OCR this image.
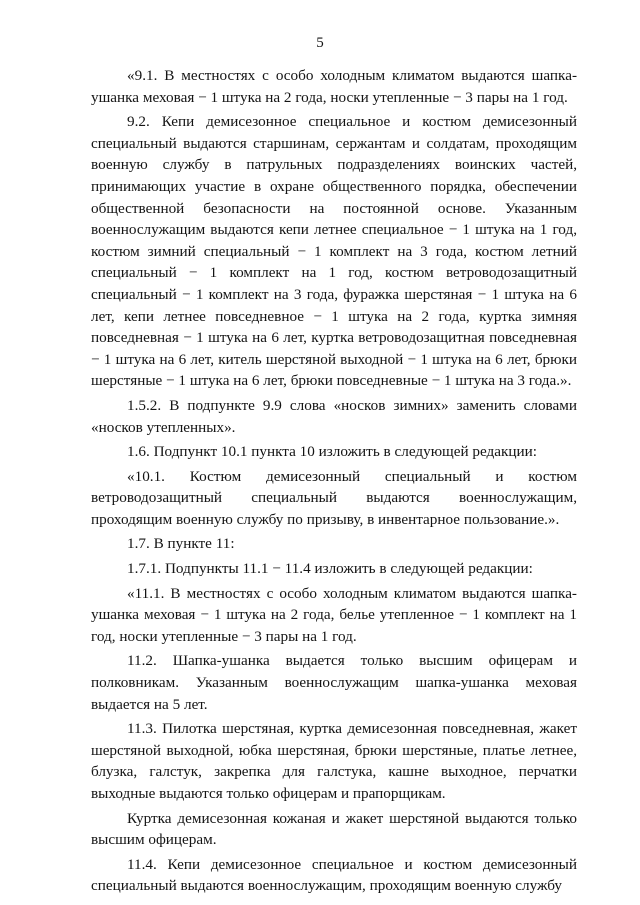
5

«9.1. В местностях с особо холодным климатом выдаются шапка-ушанка меховая − 1 штука на 2 года, носки утепленные − 3 пары на 1 год.

9.2. Кепи демисезонное специальное и костюм демисезонный специальный выдаются старшинам, сержантам и солдатам, проходящим военную службу в патрульных подразделениях воинских частей, принимающих участие в охране общественного порядка, обеспечении общественной безопасности на постоянной основе. Указанным военнослужащим выдаются кепи летнее специальное − 1 штука на 1 год, костюм зимний специальный − 1 комплект на 3 года, костюм летний специальный − 1 комплект на 1 год, костюм ветроводозащитный специальный − 1 комплект на 3 года, фуражка шерстяная − 1 штука на 6 лет, кепи летнее повседневное − 1 штука на 2 года, куртка зимняя повседневная − 1 штука на 6 лет, куртка ветроводозащитная повседневная − 1 штука на 6 лет, китель шерстяной выходной − 1 штука на 6 лет, брюки шерстяные − 1 штука на 6 лет, брюки повседневные − 1 штука на 3 года.».

1.5.2. В подпункте 9.9 слова «носков зимних» заменить словами «носков утепленных».

1.6. Подпункт 10.1 пункта 10 изложить в следующей редакции:

«10.1. Костюм демисезонный специальный и костюм ветроводозащитный специальный выдаются военнослужащим, проходящим военную службу по призыву, в инвентарное пользование.».

1.7. В пункте 11:

1.7.1. Подпункты 11.1 − 11.4 изложить в следующей редакции:

«11.1. В местностях с особо холодным климатом выдаются шапка-ушанка меховая − 1 штука на 2 года, белье утепленное − 1 комплект на 1 год, носки утепленные − 3 пары на 1 год.

11.2. Шапка-ушанка выдается только высшим офицерам и полковникам. Указанным военнослужащим шапка-ушанка меховая выдается на 5 лет.

11.3. Пилотка шерстяная, куртка демисезонная повседневная, жакет шерстяной выходной, юбка шерстяная, брюки шерстяные, платье летнее, блузка, галстук, закрепка для галстука, кашне выходное, перчатки выходные выдаются только офицерам и прапорщикам.

Куртка демисезонная кожаная и жакет шерстяной выдаются только высшим офицерам.

11.4. Кепи демисезонное специальное и костюм демисезонный специальный выдаются военнослужащим, проходящим военную службу
